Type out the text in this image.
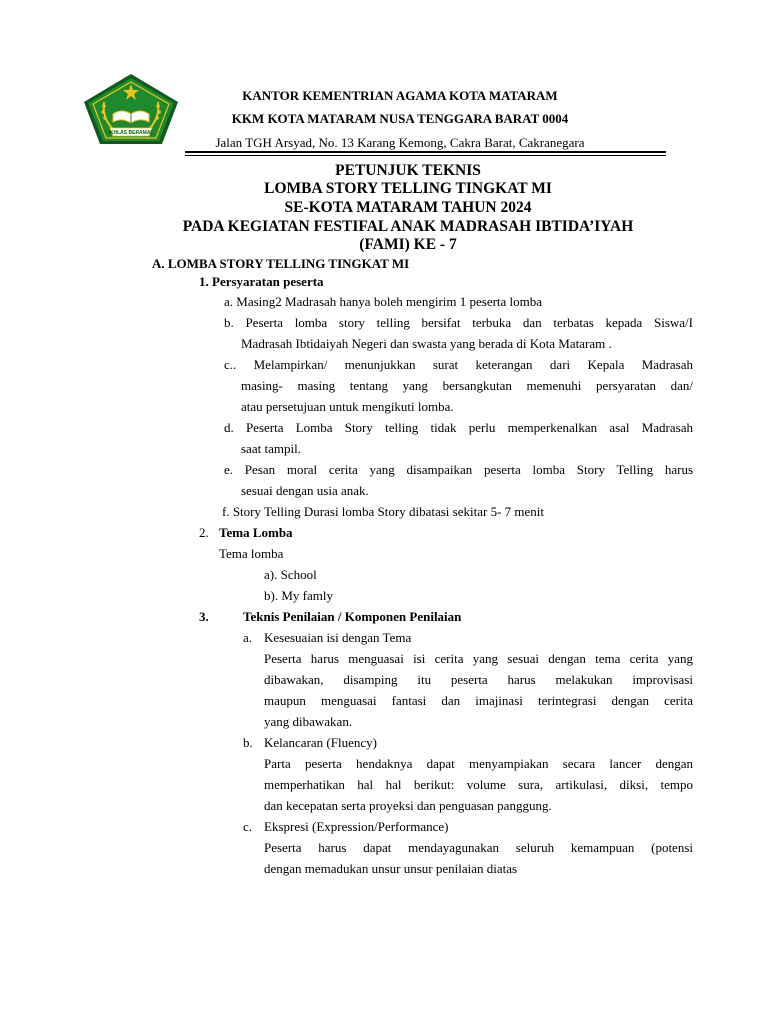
IKHLAS BERAMAL
KANTOR KEMENTRIAN AGAMA KOTA MATARAM
KKM KOTA MATARAM NUSA TENGGARA BARAT 0004
Jalan TGH Arsyad, No. 13 Karang Kemong, Cakra Barat, Cakranegara
PETUNJUK TEKNIS
LOMBA STORY TELLING TINGKAT MI
SE-KOTA MATARAM TAHUN 2024
PADA KEGIATAN FESTIFAL ANAK MADRASAH IBTIDA’IYAH
(FAMI) KE - 7
A. LOMBA STORY TELLING TINGKAT MI
1. Persyaratan peserta
a. Masing2 Madrasah hanya boleh mengirim 1 peserta lomba
b. Peserta lomba story telling bersifat terbuka dan terbatas kepada Siswa/I
Madrasah Ibtidaiyah Negeri dan swasta yang berada di Kota Mataram .
c.. Melampirkan/ menunjukkan surat keterangan dari Kepala Madrasah
masing- masing tentang yang bersangkutan memenuhi persyaratan dan/
atau persetujuan untuk mengikuti lomba.
d. Peserta Lomba Story telling tidak perlu memperkenalkan asal Madrasah
saat tampil.
e. Pesan moral cerita yang disampaikan peserta lomba Story Telling harus
sesuai dengan usia anak.
f. Story Telling Durasi lomba Story dibatasi sekitar 5- 7 menit
2. Tema Lomba
Tema lomba
a). School
b). My famly
3.	Teknis Penilaian / Komponen Penilaian
a. Kesesuaian isi dengan Tema
Peserta harus menguasai isi cerita yang sesuai dengan tema cerita yang
dibawakan, disamping itu peserta harus melakukan improvisasi
maupun menguasai fantasi dan imajinasi terintegrasi dengan cerita
yang dibawakan.
b. Kelancaran (Fluency)
Parta peserta hendaknya dapat menyampiakan secara lancer dengan
memperhatikan hal hal berikut: volume sura, artikulasi, diksi, tempo
dan kecepatan serta proyeksi dan penguasan panggung.
c. Ekspresi (Expression/Performance)
Peserta harus dapat mendayagunakan seluruh kemampuan (potensi
dengan memadukan unsur unsur penilaian diatas
